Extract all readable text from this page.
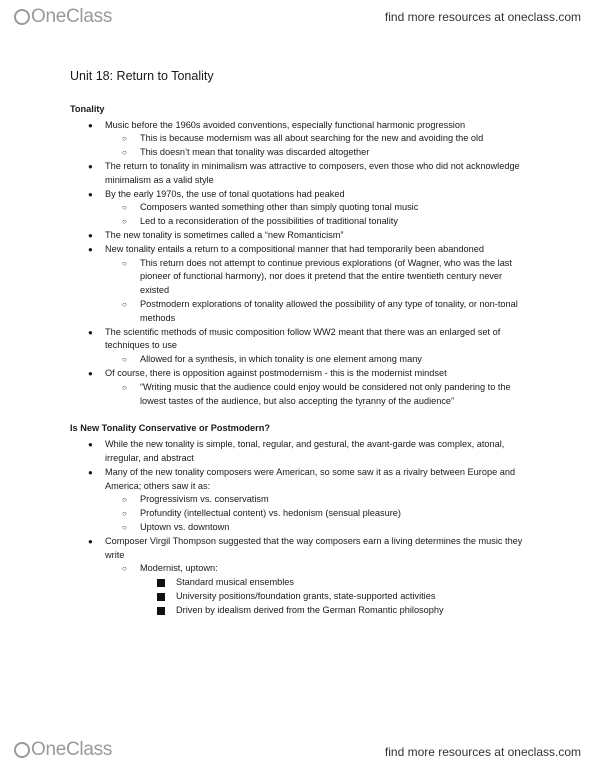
OneClass	find more resources at oneclass.com
Unit 18: Return to Tonality
Tonality
● Music before the 1960s avoided conventions, especially functional harmonic progression
○ This is because modernism was all about searching for the new and avoiding the old
○ This doesn’t mean that tonality was discarded altogether
● The return to tonality in minimalism was attractive to composers, even those who did not acknowledge minimalism as a valid style
● By the early 1970s, the use of tonal quotations had peaked
○ Composers wanted something other than simply quoting tonal music
○ Led to a reconsideration of the possibilities of traditional tonality
● The new tonality is sometimes called a “new Romanticism”
● New tonality entails a return to a compositional manner that had temporarily been abandoned
○ This return does not attempt to continue previous explorations (of Wagner, who was the last pioneer of functional harmony), nor does it pretend that the entire twentieth century never existed
○ Postmodern explorations of tonality allowed the possibility of any type of tonality, or non-tonal methods
● The scientific methods of music composition follow WW2 meant that there was an enlarged set of techniques to use
○ Allowed for a synthesis, in which tonality is one element among many
● Of course, there is opposition against postmodernism - this is the modernist mindset
○ “Writing music that the audience could enjoy would be considered not only pandering to the lowest tastes of the audience, but also accepting the tyranny of the audience”
Is New Tonality Conservative or Postmodern?
● While the new tonality is simple, tonal, regular, and gestural, the avant-garde was complex, atonal, irregular, and abstract
● Many of the new tonality composers were American, so some saw it as a rivalry between Europe and America; others saw it as:
○ Progressivism vs. conservatism
○ Profundity (intellectual content) vs. hedonism (sensual pleasure)
○ Uptown vs. downtown
● Composer Virgil Thompson suggested that the way composers earn a living determines the music they write
○ Modernist, uptown:
Standard musical ensembles
University positions/foundation grants, state-supported activities
Driven by idealism derived from the German Romantic philosophy
OneClass	find more resources at oneclass.com
